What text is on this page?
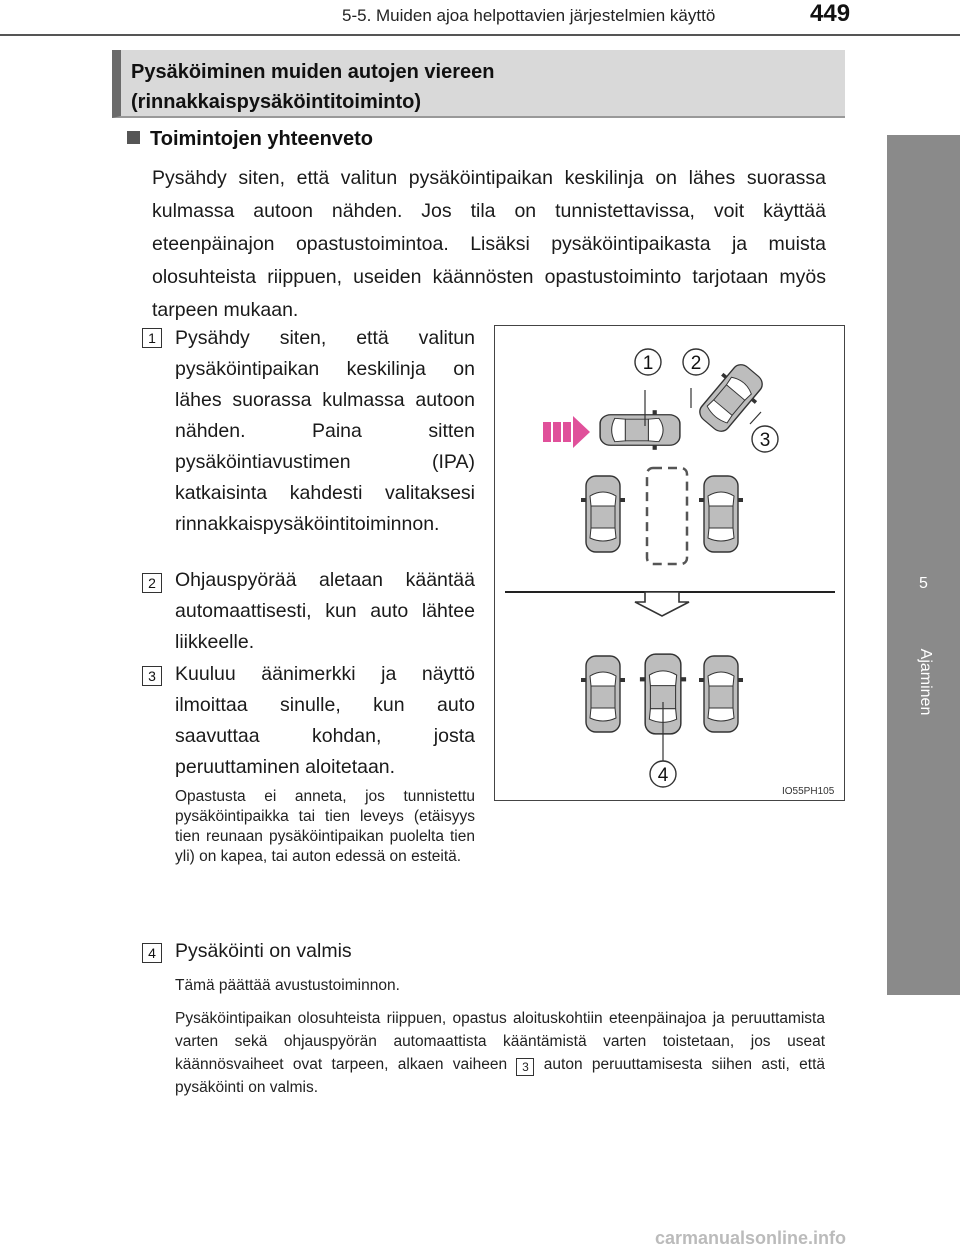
5-5. Muiden ajoa helpottavien järjestelmien käyttö	449
5
Ajaminen
Pysäköiminen muiden autojen viereen
(rinnakkaispysäköintitoiminto)
Toimintojen yhteenveto
Pysähdy siten, että valitun pysäköintipaikan keskilinja on lähes suorassa kulmassa autoon nähden. Jos tila on tunnistettavissa, voit käyttää eteenpäinajon opastustoimintoa. Lisäksi pysäköintipaikasta ja muista olosuhteista riippuen, useiden käännösten opastustoiminto tarjotaan myös tarpeen mukaan.
1 Pysähdy siten, että valitun pysäköintipaikan keskilinja on lähes suorassa kulmassa autoon nähden. Paina sitten pysäköintiavustimen (IPA) katkaisinta kahdesti valitaksesi rinnakkaispysäköintitoiminnon.
2 Ohjauspyörää aletaan kääntää automaattisesti, kun auto lähtee liikkeelle.
3 Kuuluu äänimerkki ja näyttö ilmoittaa sinulle, kun auto saavuttaa kohdan, josta peruuttaminen aloitetaan.
Opastusta ei anneta, jos tunnistettu pysäköintipaikka tai tien leveys (etäisyys tien reunaan pysäköintipaikan puolelta tien yli) on kapea, tai auton edessä on esteitä.
4 Pysäköinti on valmis
Tämä päättää avustustoiminnon.
Pysäköintipaikan olosuhteista riippuen, opastus aloituskohtiin eteenpäinajoa ja peruuttamista varten sekä ohjauspyörän automaattista kääntämistä varten toistetaan, jos useat käännösvaiheet ovat tarpeen, alkaen vaiheen 3 auton peruuttamisesta siihen asti, että pysäköinti on valmis.
1 2
3
4
IO55PH105
carmanualsonline.info
